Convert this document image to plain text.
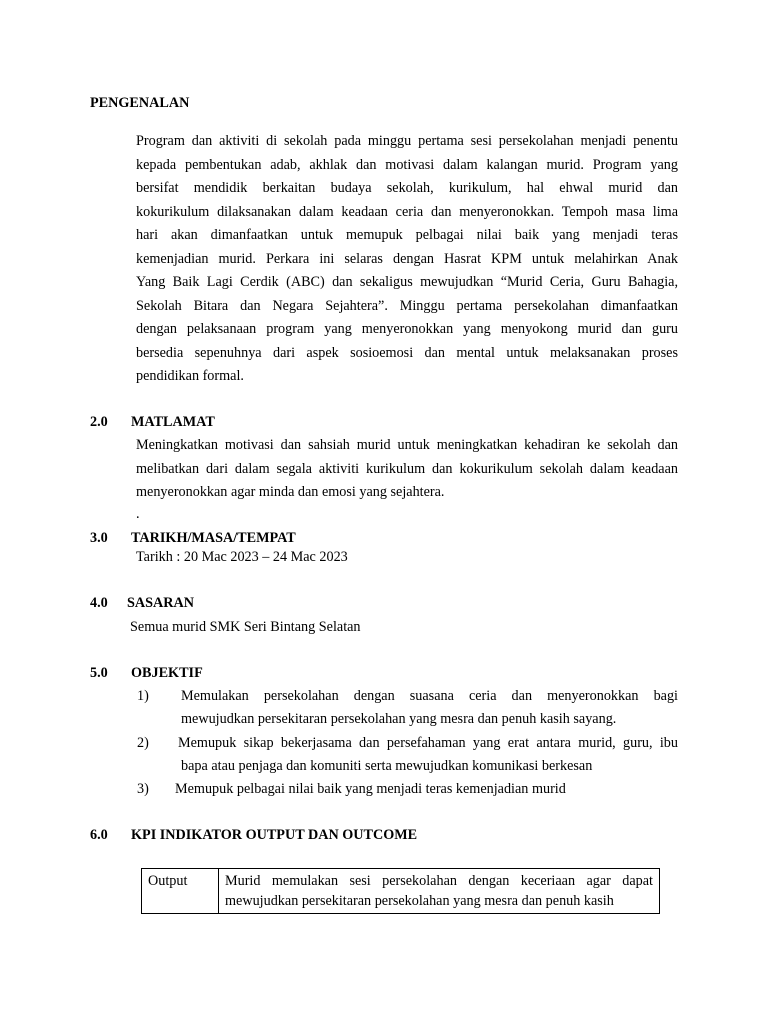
PENGENALAN
Program dan aktiviti di sekolah pada minggu pertama sesi persekolahan menjadi penentu
kepada pembentukan adab, akhlak dan motivasi dalam kalangan murid. Program yang
bersifat mendidik berkaitan budaya sekolah, kurikulum, hal ehwal murid dan
kokurikulum dilaksanakan dalam keadaan ceria dan menyeronokkan. Tempoh masa lima
hari akan dimanfaatkan untuk memupuk pelbagai nilai baik yang menjadi teras
kemenjadian murid. Perkara ini selaras dengan Hasrat KPM untuk melahirkan Anak
Yang Baik Lagi Cerdik (ABC) dan sekaligus mewujudkan “Murid Ceria, Guru Bahagia,
Sekolah Bitara dan Negara Sejahtera”. Minggu pertama persekolahan dimanfaatkan
dengan pelaksanaan program yang menyeronokkan yang menyokong murid dan guru
bersedia sepenuhnya dari aspek sosioemosi dan mental untuk melaksanakan proses
pendidikan formal.
2.0 MATLAMAT
Meningkatkan motivasi dan sahsiah murid untuk meningkatkan kehadiran ke sekolah dan
melibatkan dari dalam segala aktiviti kurikulum dan kokurikulum sekolah dalam keadaan
menyeronokkan agar minda dan emosi yang sejahtera.
.
3.0 TARIKH/MASA/TEMPAT
Tarikh : 20 Mac 2023 – 24 Mac 2023
4.0 SASARAN
Semua murid SMK Seri Bintang Selatan
5.0 OBJEKTIF
1) Memulakan persekolahan dengan suasana ceria dan menyeronokkan bagi
mewujudkan persekitaran persekolahan yang mesra dan penuh kasih sayang.
2) Memupuk sikap bekerjasama dan persefahaman yang erat antara murid, guru, ibu
bapa atau penjaga dan komuniti serta mewujudkan komunikasi berkesan
3) Memupuk pelbagai nilai baik yang menjadi teras kemenjadian murid
6.0 KPI INDIKATOR OUTPUT DAN OUTCOME
Output	Murid memulakan sesi persekolahan dengan keceriaan agar dapat mewujudkan persekitaran persekolahan yang mesra dan penuh kasih
